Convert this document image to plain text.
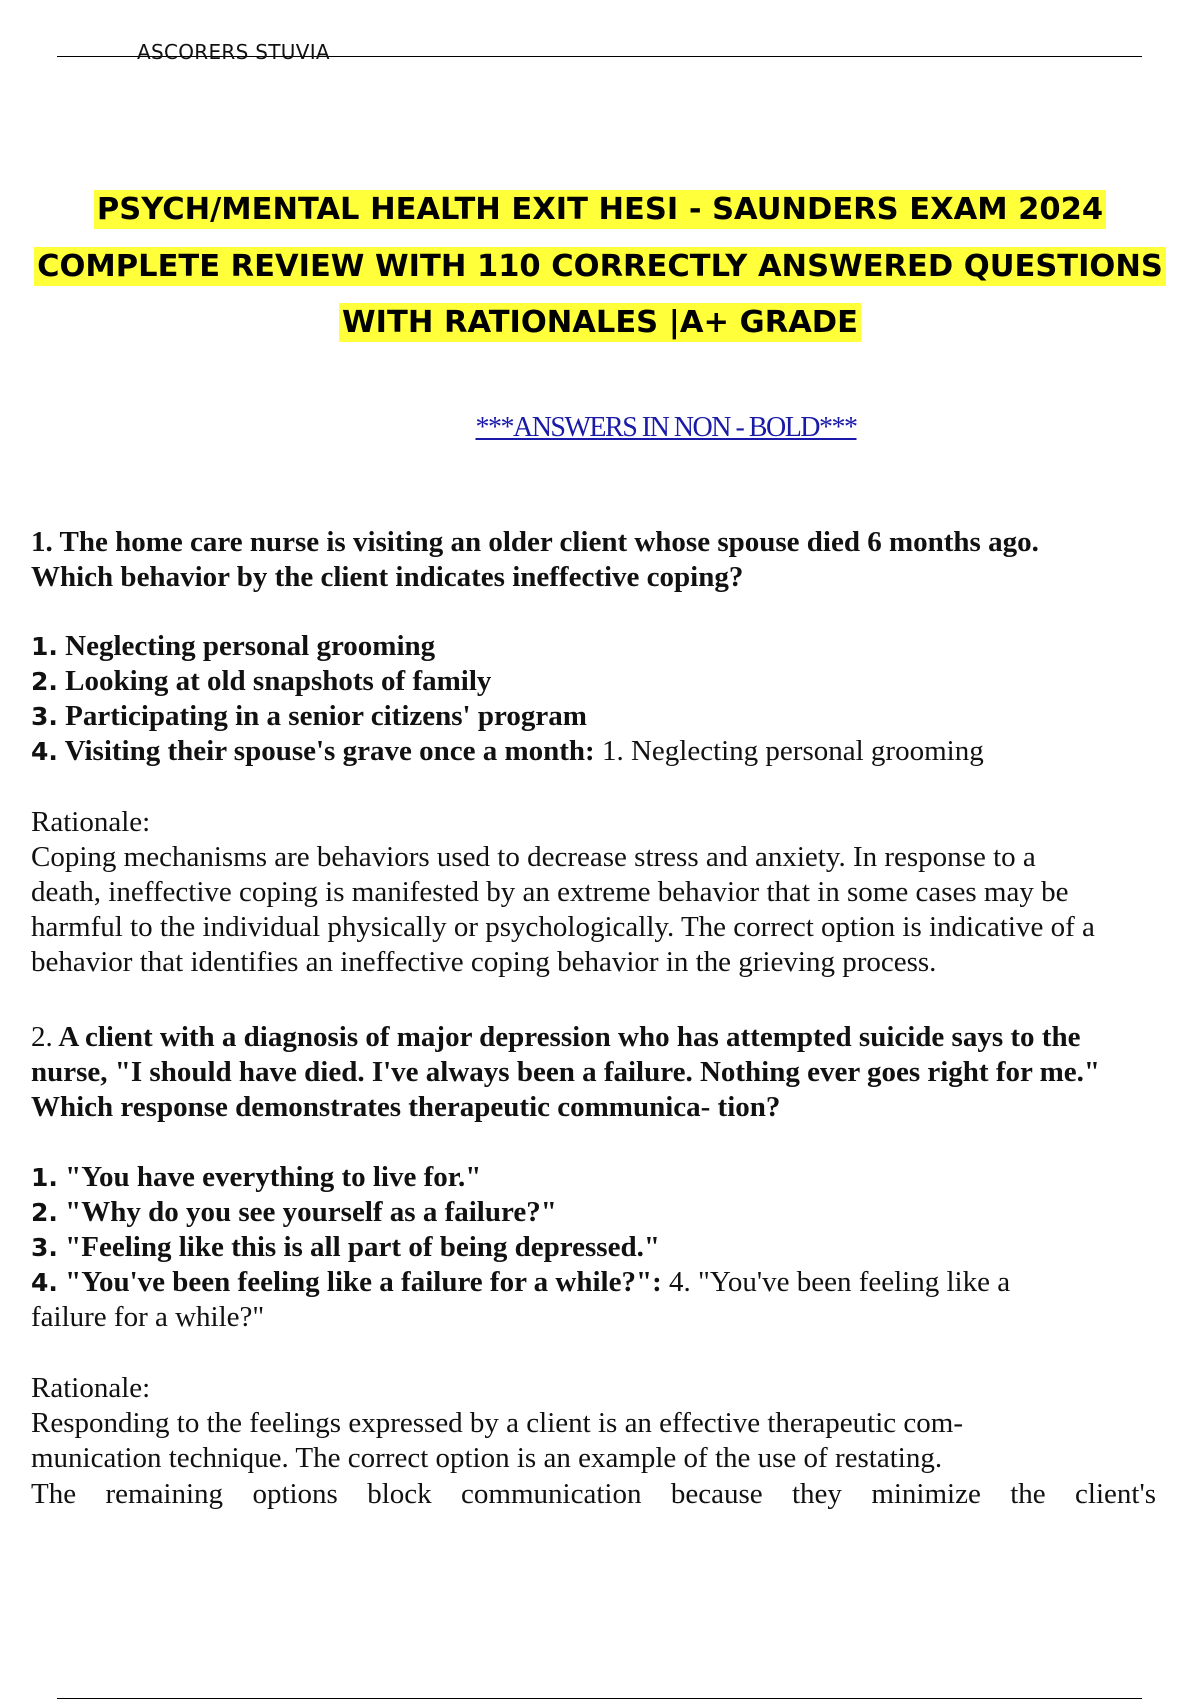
ASCORERS STUVIA
PSYCH/MENTAL HEALTH EXIT HESI - SAUNDERS EXAM 2024
COMPLETE REVIEW WITH 110 CORRECTLY ANSWERED QUESTIONS
WITH RATIONALES |A+ GRADE
***ANSWERS IN NON - BOLD***
1. The home care nurse is visiting an older client whose spouse died 6 months ago.
Which behavior by the client indicates ineffective coping?
1. Neglecting personal grooming
2. Looking at old snapshots of family
3. Participating in a senior citizens' program
4. Visiting their spouse's grave once a month: 1. Neglecting personal grooming
Rationale:
Coping mechanisms are behaviors used to decrease stress and anxiety. In response to a
death, ineffective coping is manifested by an extreme behavior that in some cases may be
harmful to the individual physically or psychologically. The correct option is indicative of a
behavior that identifies an ineffective coping behavior in the grieving process.
2. A client with a diagnosis of major depression who has attempted suicide says to the
nurse, "I should have died. I've always been a failure. Nothing ever goes right for me."
Which response demonstrates therapeutic communica- tion?
1. "You have everything to live for."
2. "Why do you see yourself as a failure?"
3. "Feeling like this is all part of being depressed."
4. "You've been feeling like a failure for a while?": 4. "You've been feeling like a
failure for a while?"
Rationale:
Responding to the feelings expressed by a client is an effective therapeutic com-
munication technique. The correct option is an example of the use of restating.
The remaining options block communication because they minimize the client's
